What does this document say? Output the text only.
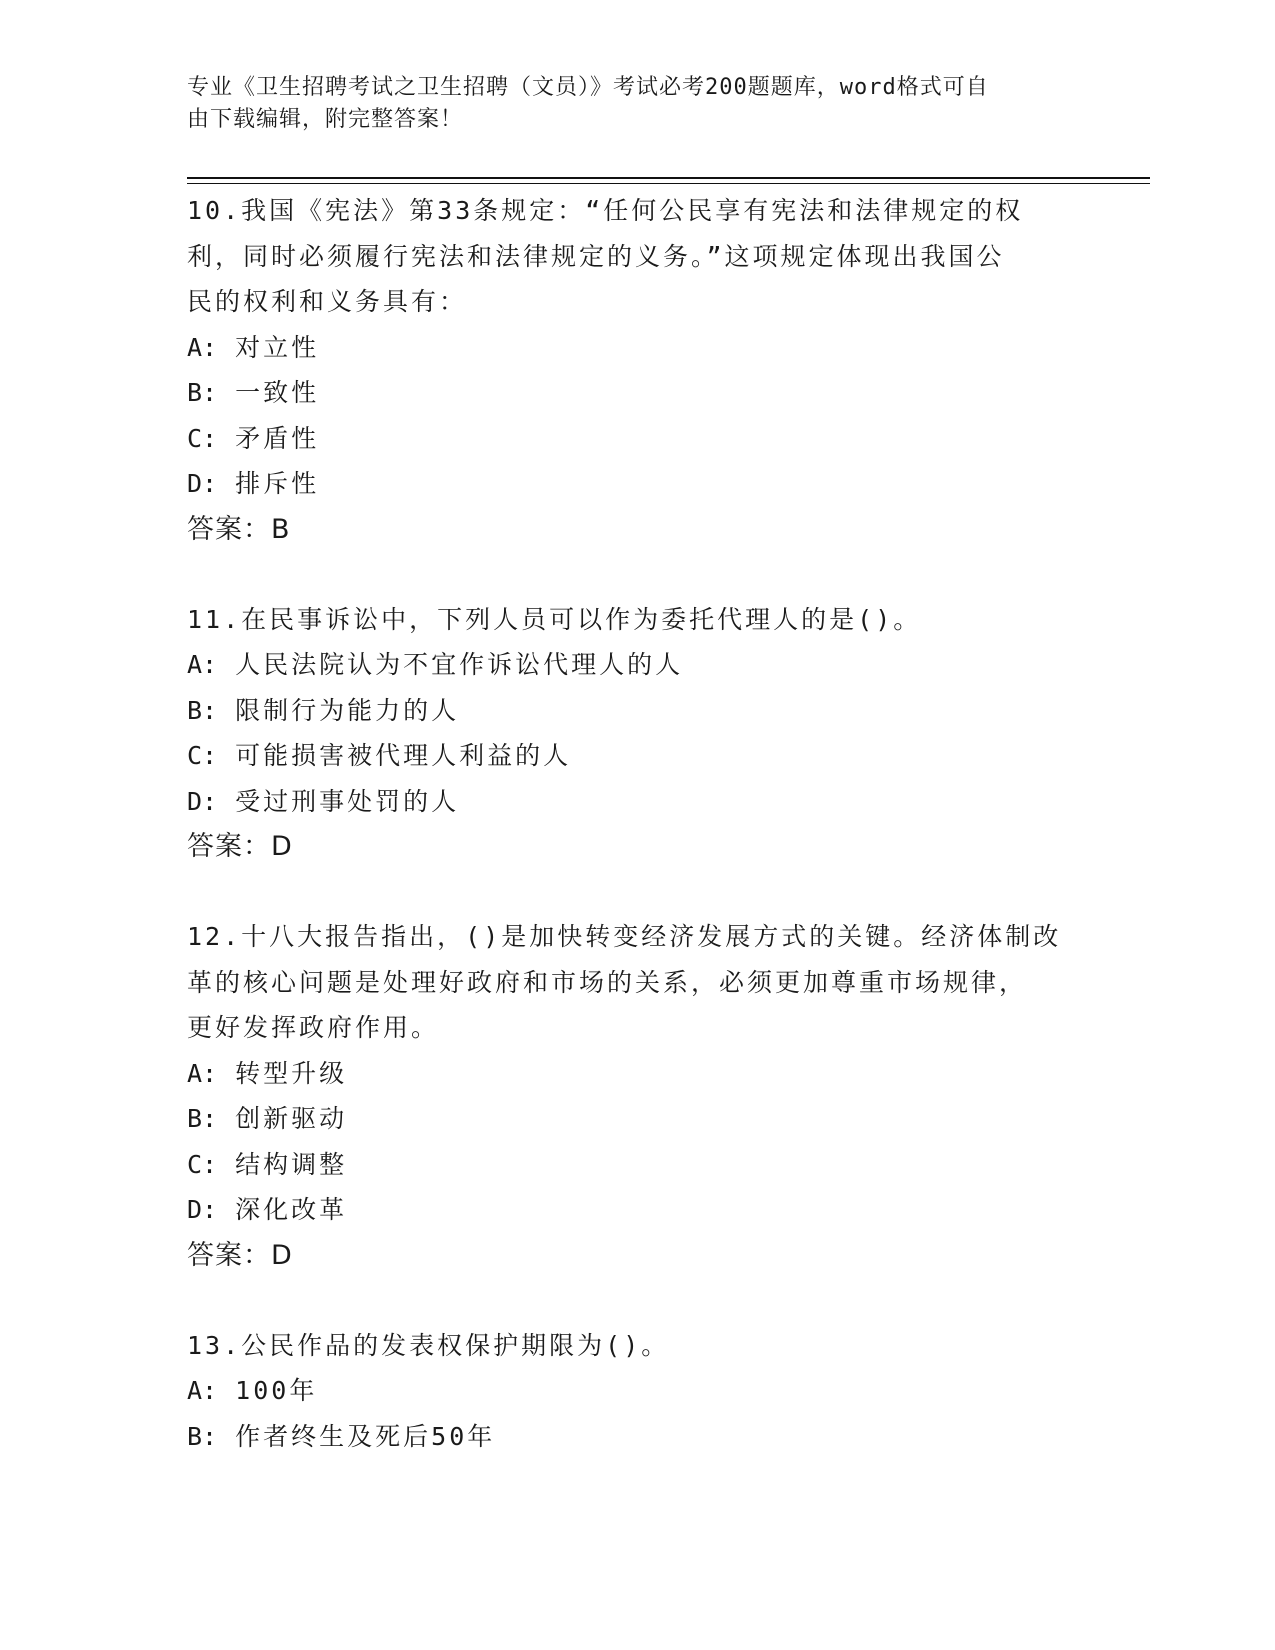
专业《卫生招聘考试之卫生招聘（文员）》考试必考200题题库，word格式可自
由下载编辑，附完整答案！
10.我国《宪法》第33条规定：“任何公民享有宪法和法律规定的权
利，同时必须履行宪法和法律规定的义务。”这项规定体现出我国公
民的权利和义务具有：
A: 对立性
B: 一致性
C: 矛盾性
D: 排斥性
答案：B
11.在民事诉讼中，下列人员可以作为委托代理人的是()。
A: 人民法院认为不宜作诉讼代理人的人
B: 限制行为能力的人
C: 可能损害被代理人利益的人
D: 受过刑事处罚的人
答案：D
12.十八大报告指出，()是加快转变经济发展方式的关键。经济体制改
革的核心问题是处理好政府和市场的关系，必须更加尊重市场规律，
更好发挥政府作用。
A: 转型升级
B: 创新驱动
C: 结构调整
D: 深化改革
答案：D
13.公民作品的发表权保护期限为()。
A: 100年
B: 作者终生及死后50年
